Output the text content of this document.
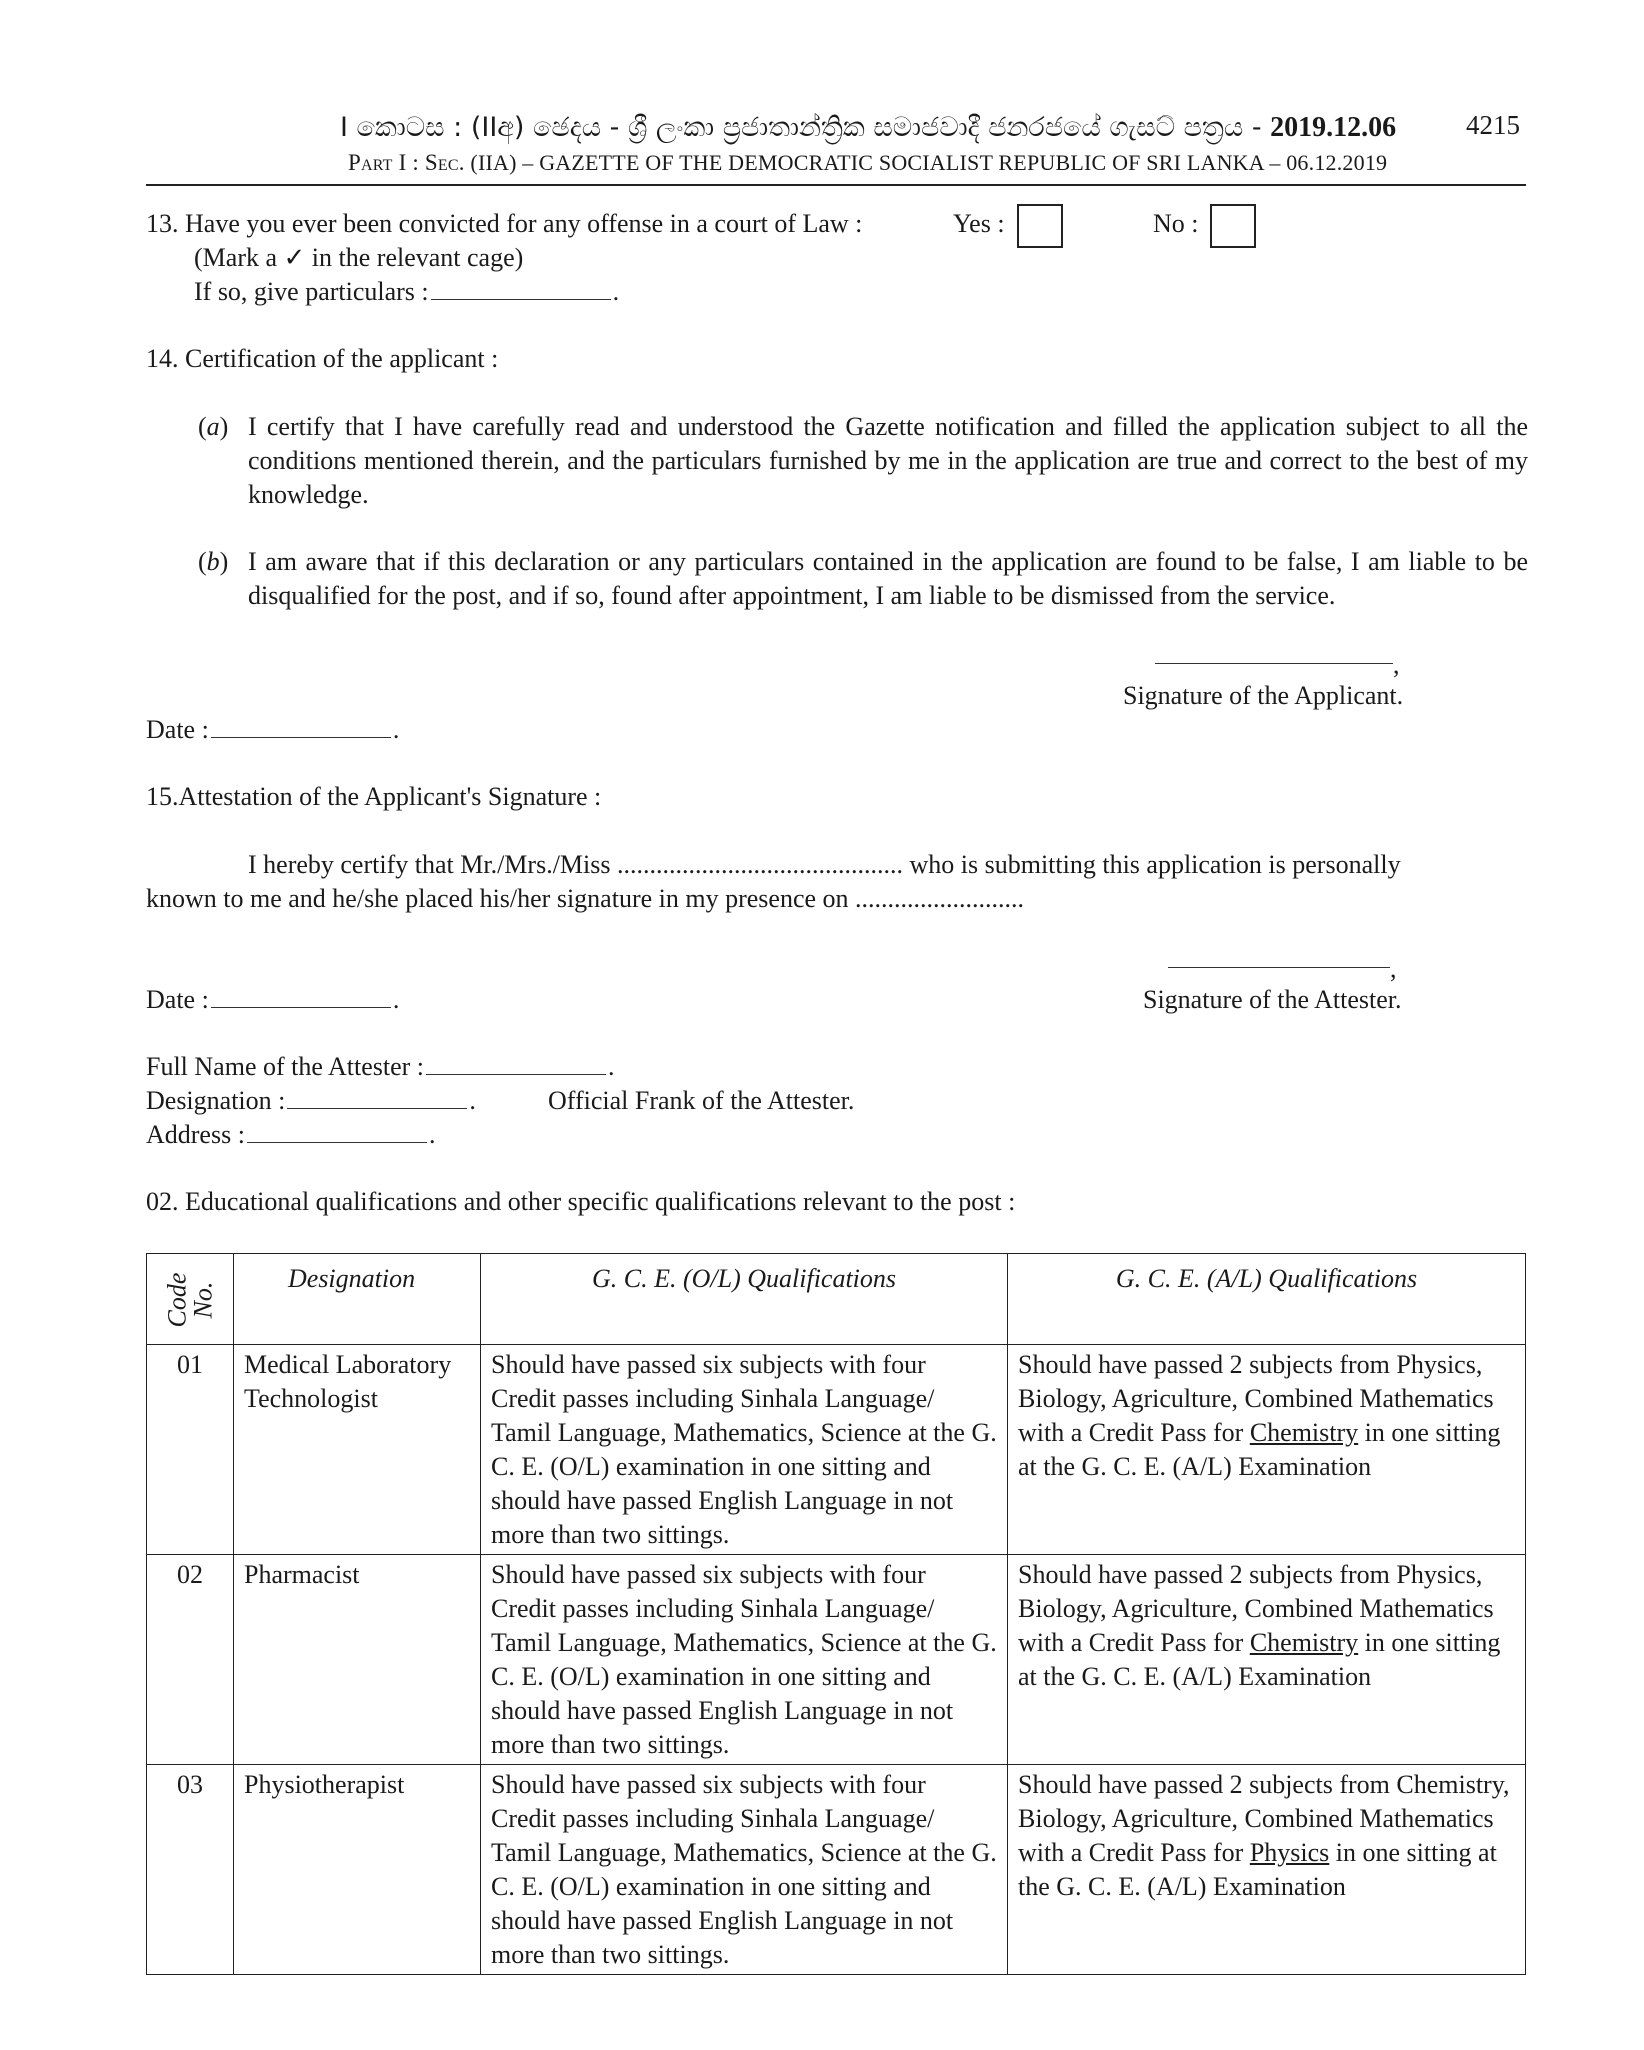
I කොටස : (IIඅ) ඡෙදය - ශ්‍රී ලංකා ප්‍රජාතාන්ත්‍රික සමාජවාදී ජනරජයේ ගැසට් පත්‍රය - 2019.12.06	4215
Part I : Sec. (IIA) – GAZETTE OF THE DEMOCRATIC SOCIALIST REPUBLIC OF SRI LANKA – 06.12.2019
13. Have you ever been convicted for any offense in a court of Law :	Yes :	No :
(Mark a ✓ in the relevant cage)
If so, give particulars :	.
14. Certification of the applicant :
(a) I certify that I have carefully read and understood the Gazette notification and filled the application subject to all the conditions mentioned therein, and the particulars furnished by me in the application are true and correct to the best of my knowledge.
(b) I am aware that if this declaration or any particulars contained in the application are found to be false, I am liable to be disqualified for the post, and if so, found after appointment, I am liable to be dismissed from the service.
,
Signature of the Applicant.
Date :	.
15.Attestation of the Applicant's Signature :
I hereby certify that Mr./Mrs./Miss ............................................ who is submitting this application is personally
known to me and he/she placed his/her signature in my presence on ..........................
,
Date :	.	Signature of the Attester.
Full Name of the Attester :	.
Designation :	.	Official Frank of the Attester.
Address :	.
02. Educational qualifications and other specific qualifications relevant to the post :
Code
No.	Designation	G. C. E. (O/L) Qualifications	G. C. E. (A/L) Qualifications
01	Medical Laboratory Technologist	Should have passed six subjects with four Credit passes including Sinhala Language/ Tamil Language, Mathematics, Science at the G. C. E. (O/L) examination in one sitting and should have passed English Language in not more than two sittings.	Should have passed 2 subjects from Physics, Biology, Agriculture, Combined Mathematics with a Credit Pass for Chemistry in one sitting at the G. C. E. (A/L) Examination
02	Pharmacist	Should have passed six subjects with four Credit passes including Sinhala Language/ Tamil Language, Mathematics, Science at the G. C. E. (O/L) examination in one sitting and should have passed English Language in not more than two sittings.	Should have passed 2 subjects from Physics, Biology, Agriculture, Combined Mathematics with a Credit Pass for Chemistry in one sitting at the G. C. E. (A/L) Examination
03	Physiotherapist	Should have passed six subjects with four Credit passes including Sinhala Language/ Tamil Language, Mathematics, Science at the G. C. E. (O/L) examination in one sitting and should have passed English Language in not more than two sittings.	Should have passed 2 subjects from Chemistry, Biology, Agriculture, Combined Mathematics with a Credit Pass for Physics in one sitting at the G. C. E. (A/L) Examination
